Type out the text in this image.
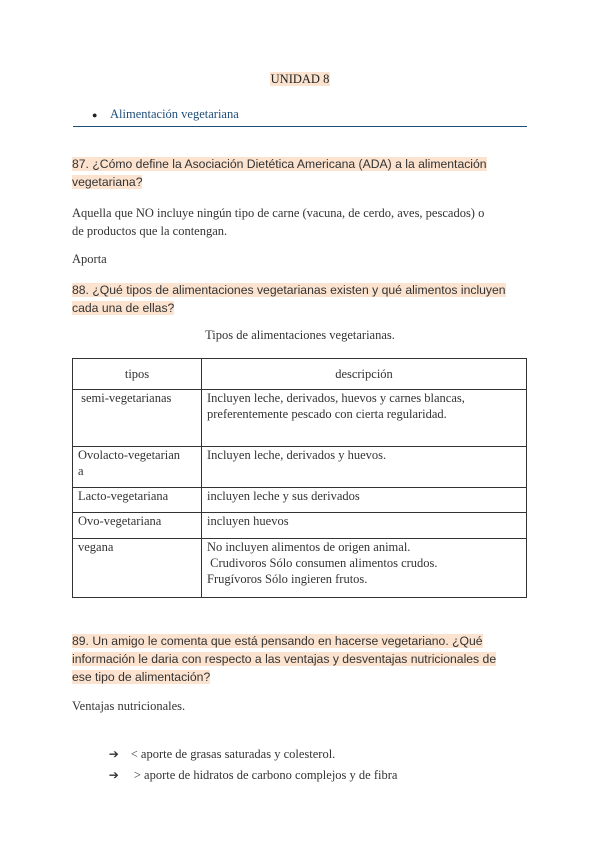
UNIDAD 8
● Alimentación vegetariana
87. ¿Cómo define la Asociación Dietética Americana (ADA) a la alimentación
vegetariana?
Aquella que NO incluye ningún tipo de carne (vacuna, de cerdo, aves, pescados) o
de productos que la contengan.
Aporta
88. ¿Qué tipos de alimentaciones vegetarianas existen y qué alimentos incluyen
cada una de ellas?
Tipos de alimentaciones vegetarianas.
tipos	descripción

semi-vegetarianas	Incluyen leche, derivados, huevos y carnes blancas,
preferentemente pescado con cierta regularidad.

Ovolacto-vegetarian
a	Incluyen leche, derivados y huevos.

Lacto-vegetariana	incluyen leche y sus derivados

Ovo-vegetariana	incluyen huevos

vegana	No incluyen alimentos de origen animal.
Crudivoros Sólo consumen alimentos crudos.
Frugívoros Sólo ingieren frutos.
89. Un amigo le comenta que está pensando en hacerse vegetariano. ¿Qué
información le daria con respecto a las ventajas y desventajas nutricionales de
ese tipo de alimentación?
Ventajas nutricionales.

➔ < aporte de grasas saturadas y colesterol.

➔ > aporte de hidratos de carbono complejos y de fibra
